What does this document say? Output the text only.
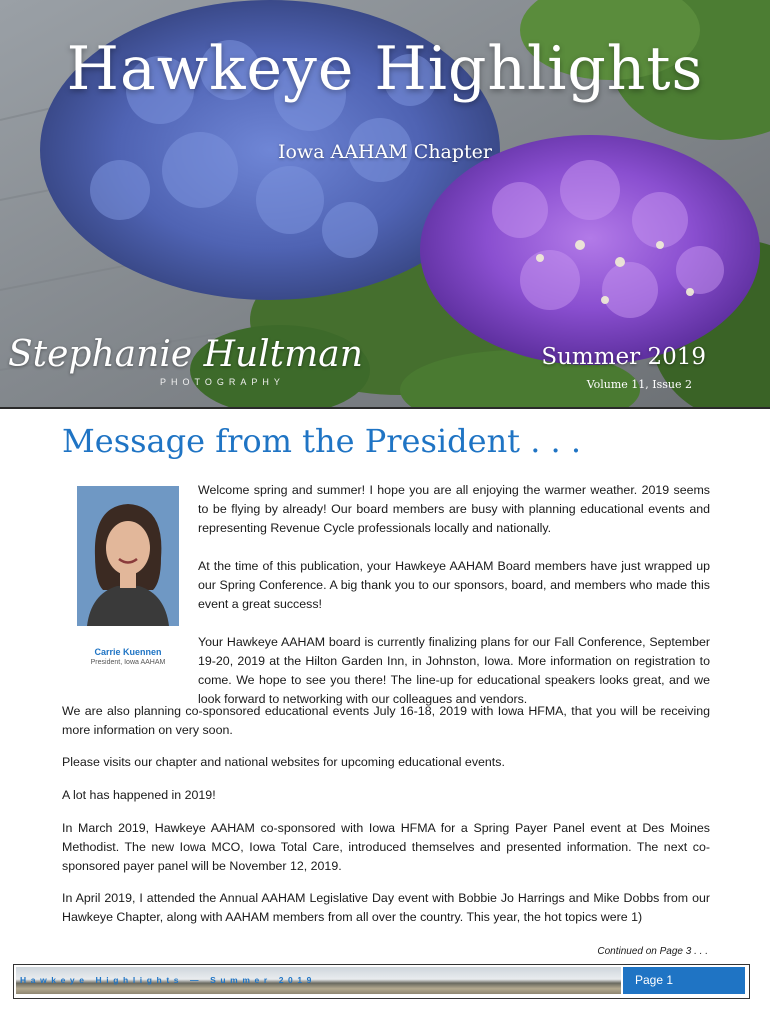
Hawkeye Highlights
Iowa AAHAM Chapter
Stephanie Hultman
PHOTOGRAPHY
Summer 2019
Volume 11, Issue 2
Message from the President . . .
Carrie Kuennen
President, Iowa AAHAM

Welcome spring and summer! I hope you are all enjoying the warmer weather. 2019 seems to be flying by already! Our board members are busy with planning educational events and representing Revenue Cycle professionals locally and nationally.

At the time of this publication, your Hawkeye AAHAM Board members have just wrapped up our Spring Conference. A big thank you to our sponsors, board, and members who made this event a great success!

Your Hawkeye AAHAM board is currently finalizing plans for our Fall Conference, September 19-20, 2019 at the Hilton Garden Inn, in Johnston, Iowa. More information on registration to come. We hope to see you there! The line-up for educational speakers looks great, and we look forward to networking with our colleagues and vendors.

We are also planning co-sponsored educational events July 16-18, 2019 with Iowa HFMA, that you will be receiving more information on very soon.

Please visits our chapter and national websites for upcoming educational events.

A lot has happened in 2019!

In March 2019, Hawkeye AAHAM co-sponsored with Iowa HFMA for a Spring Payer Panel event at Des Moines Methodist. The new Iowa MCO, Iowa Total Care, introduced themselves and presented information. The next co-sponsored payer panel will be November 12, 2019.

In April 2019, I attended the Annual AAHAM Legislative Day event with Bobbie Jo Harrings and Mike Dobbs from our Hawkeye Chapter, along with AAHAM members from all over the country. This year, the hot topics were 1)

Continued on Page 3 . . .
Hawkeye Highlights — Summer 2019	Page 1
